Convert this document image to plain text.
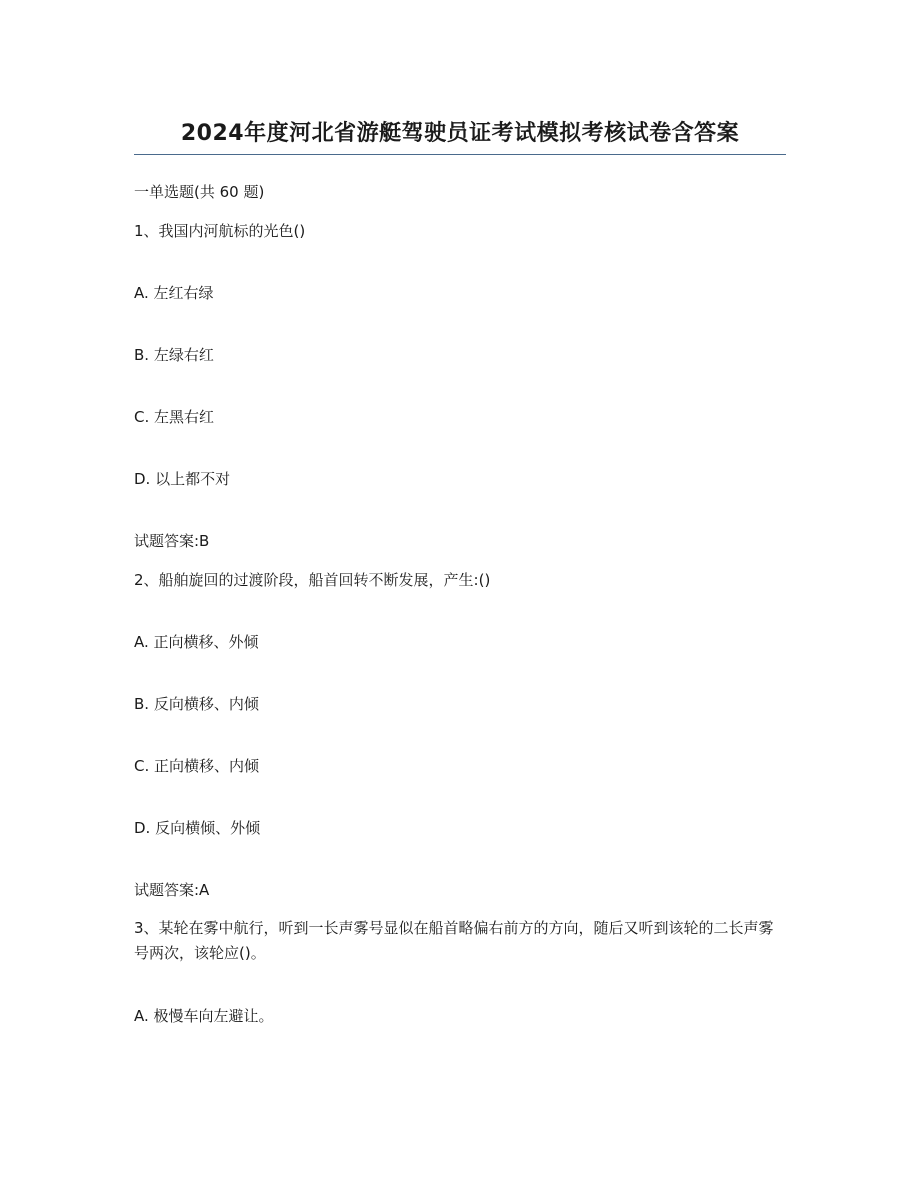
2024年度河北省游艇驾驶员证考试模拟考核试卷含答案
一单选题(共 60 题)
1、我国内河航标的光色()
A. 左红右绿
B. 左绿右红
C. 左黑右红
D. 以上都不对
试题答案:B
2、船舶旋回的过渡阶段，船首回转不断发展，产生:()
A. 正向横移、外倾
B. 反向横移、内倾
C. 正向横移、内倾
D. 反向横倾、外倾
试题答案:A
3、某轮在雾中航行，听到一长声雾号显似在船首略偏右前方的方向，随后又听到该轮的二长声雾号两次，该轮应()。
A. 极慢车向左避让。
